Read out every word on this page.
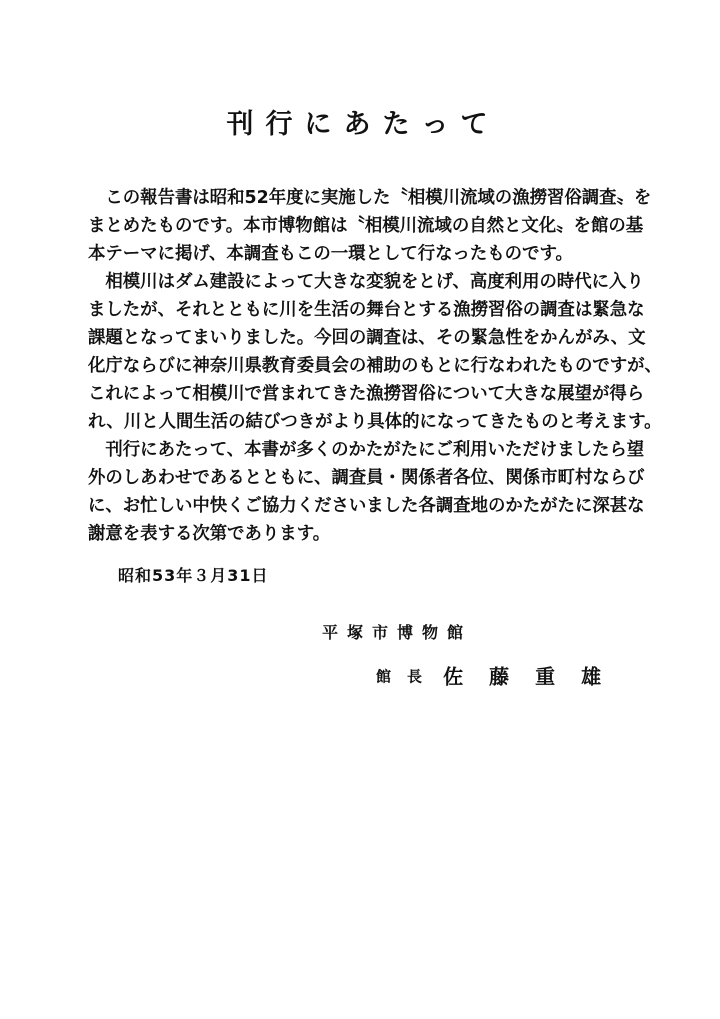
刊行にあたって
　この報告書は昭和52年度に実施した〝相模川流域の漁撈習俗調査〟を
まとめたものです。本市博物館は〝相模川流域の自然と文化〟を館の基
本テーマに掲げ、本調査もこの一環として行なったものです。
　相模川はダム建設によって大きな変貌をとげ、高度利用の時代に入り
ましたが、それとともに川を生活の舞台とする漁撈習俗の調査は緊急な
課題となってまいりました。今回の調査は、その緊急性をかんがみ、文
化庁ならびに神奈川県教育委員会の補助のもとに行なわれたものですが、
これによって相模川で営まれてきた漁撈習俗について大きな展望が得ら
れ、川と人間生活の結びつきがより具体的になってきたものと考えます。
　刊行にあたって、本書が多くのかたがたにご利用いただけましたら望
外のしあわせであるとともに、調査員・関係者各位、関係市町村ならび
に、お忙しい中快くご協力くださいました各調査地のかたがたに深甚な
謝意を表する次第であります。
昭和53年３月31日
平塚市博物館
館長 佐藤重雄
